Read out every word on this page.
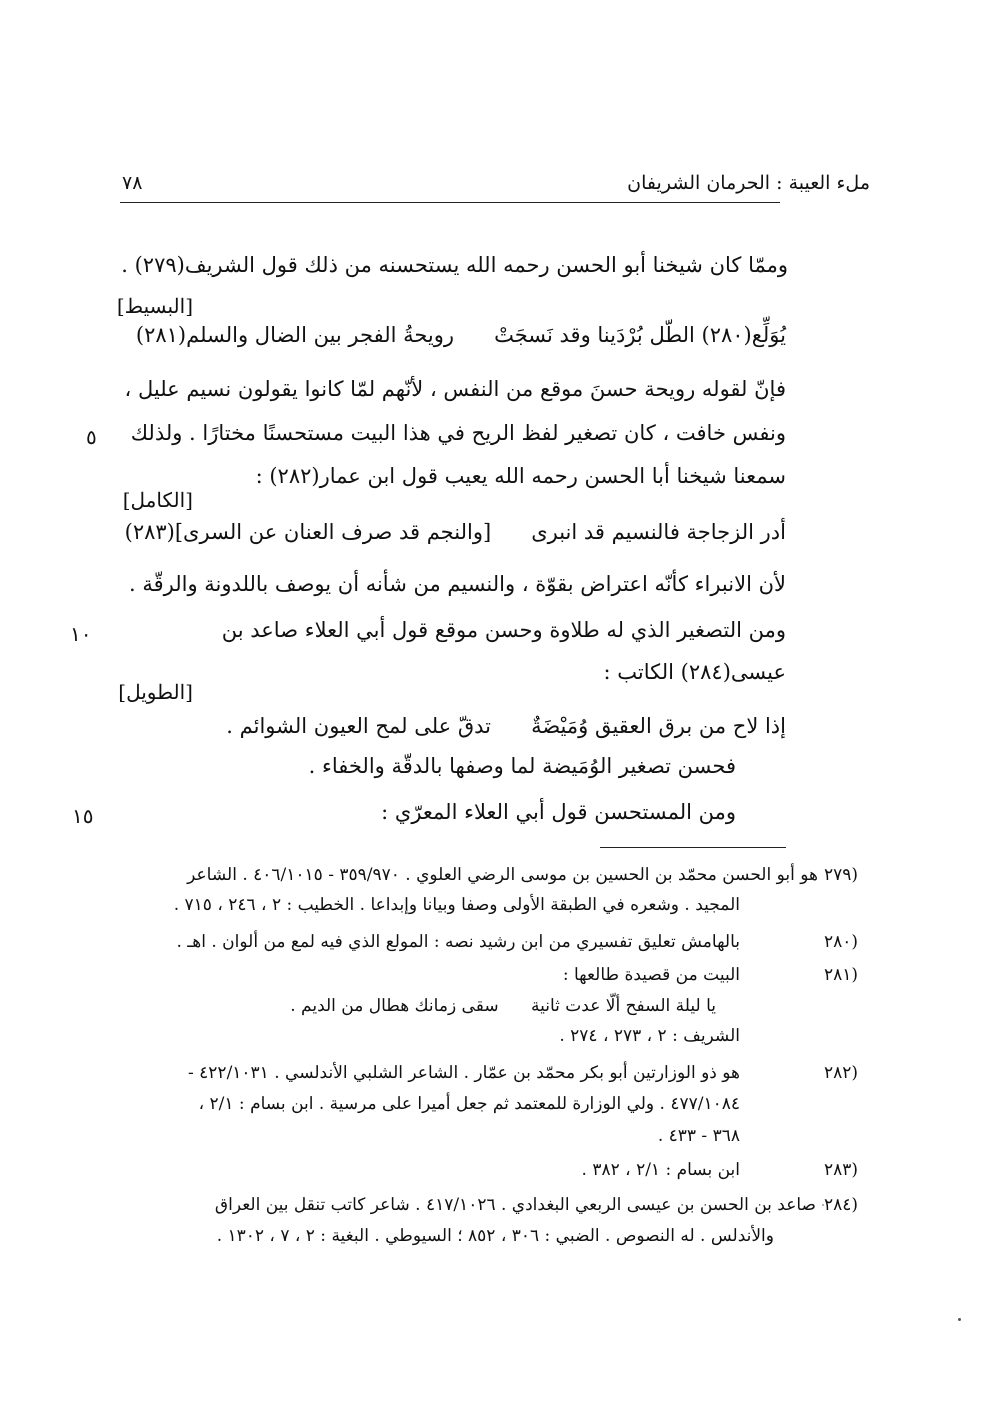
٧٨	ملء العيبة : الحرمان الشريفان
وممّا كان شيخنا أبو الحسن رحمه الله يستحسنه من ذلك قول الشريف(٢٧٩) .
[البسيط]
يُوَلِّع(٢٨٠) الطّل بُرْدَينا وقد نَسجَتْ      رويحةُ الفجر بين الضال والسلم(٢٨١)
فإنّ لقوله رويحة حسنَ موقع من النفس ، لأنّهم لمّا كانوا يقولون نسيم عليل ،
ونفس خافت ، كان تصغير لفظ الريح في هذا البيت مستحسنًا مختارًا . ولذلك
٥
سمعنا شيخنا أبا الحسن رحمه الله يعيب قول ابن عمار(٢٨٢) :
[الكامل]
أدر الزجاجة فالنسيم قد انبرى      [والنجم قد صرف العنان عن السرى](٢٨٣)
لأن الانبراء كأنّه اعتراض بقوّة ، والنسيم من شأنه أن يوصف باللدونة والرقّة .
ومن التصغير الذي له طلاوة وحسن موقع قول أبي العلاء صاعد بن
١٠
عيسى(٢٨٤) الكاتب :
[الطويل]
إذا لاح من برق العقيق وُمَيْضَةٌ      تدقّ على لمح العيون الشوائم .
فحسن تصغير الوُمَيضة لما وصفها بالدقّة والخفاء .
ومن المستحسن قول أبي العلاء المعرّي :
١٥
هو أبو الحسن محمّد بن الحسين بن موسى الرضي العلوي . ٣٥٩/٩٧٠ - ٤٠٦/١٠١٥ . الشاعر ٢٧٩)
المجيد . وشعره في الطبقة الأولى وصفا وبيانا وإبداعا . الخطيب : ٢ ، ٢٤٦ ، ٧١٥ .
بالهامش تعليق تفسيري من ابن رشيد نصه : المولع الذي فيه لمع من ألوان . اهـ .	٢٨٠)
البيت من قصيدة طالعها :	٢٨١)
يا ليلة السفح ألّا عدت ثانية      سقى زمانك هطال من الديم .
الشريف : ٢ ، ٢٧٣ ، ٢٧٤ .
هو ذو الوزارتين أبو بكر محمّد بن عمّار . الشاعر الشلبي الأندلسي . ٤٢٢/١٠٣١ -	٢٨٢)
٤٧٧/١٠٨٤ . ولي الوزارة للمعتمد ثم جعل أميرا على مرسية . ابن بسام : ٢/١ ،
٣٦٨ - ٤٣٣ .
ابن بسام : ٢/١ ، ٣٨٢ .	٢٨٣)
صاعد بن الحسن بن عيسى الربعي البغدادي . ٤١٧/١٠٢٦ . شاعر كاتب تنقل بين العراق ٢٨٤)
والأندلس . له النصوص . الضبي : ٣٠٦ ، ٨٥٢ ؛ السيوطي . البغية : ٢ ، ٧ ، ١٣٠٢ .
